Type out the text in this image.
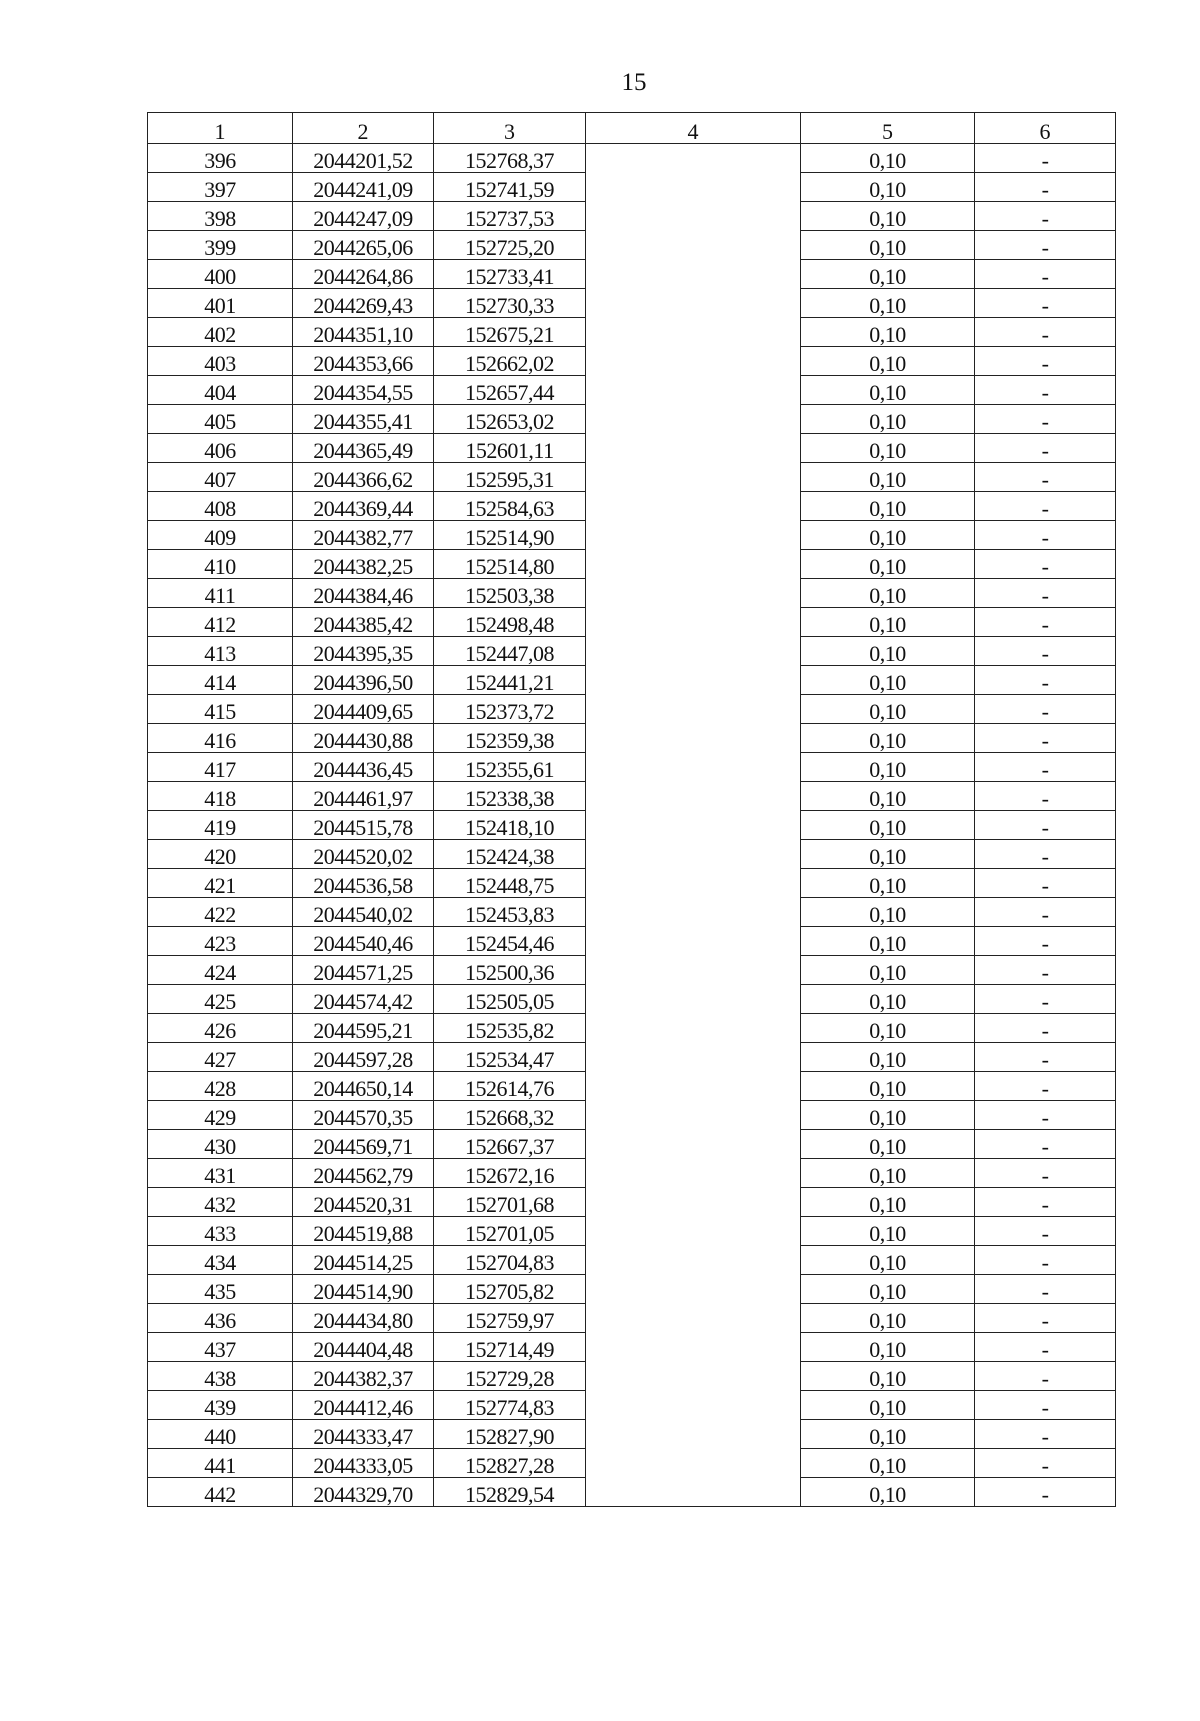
15
1	2	3	4	5	6
396	2044201,52	152768,37		0,10	-
397	2044241,09	152741,59		0,10	-
398	2044247,09	152737,53		0,10	-
399	2044265,06	152725,20		0,10	-
400	2044264,86	152733,41		0,10	-
401	2044269,43	152730,33		0,10	-
402	2044351,10	152675,21		0,10	-
403	2044353,66	152662,02		0,10	-
404	2044354,55	152657,44		0,10	-
405	2044355,41	152653,02		0,10	-
406	2044365,49	152601,11		0,10	-
407	2044366,62	152595,31		0,10	-
408	2044369,44	152584,63		0,10	-
409	2044382,77	152514,90		0,10	-
410	2044382,25	152514,80		0,10	-
411	2044384,46	152503,38		0,10	-
412	2044385,42	152498,48		0,10	-
413	2044395,35	152447,08		0,10	-
414	2044396,50	152441,21		0,10	-
415	2044409,65	152373,72		0,10	-
416	2044430,88	152359,38		0,10	-
417	2044436,45	152355,61		0,10	-
418	2044461,97	152338,38		0,10	-
419	2044515,78	152418,10		0,10	-
420	2044520,02	152424,38		0,10	-
421	2044536,58	152448,75		0,10	-
422	2044540,02	152453,83		0,10	-
423	2044540,46	152454,46		0,10	-
424	2044571,25	152500,36		0,10	-
425	2044574,42	152505,05		0,10	-
426	2044595,21	152535,82		0,10	-
427	2044597,28	152534,47		0,10	-
428	2044650,14	152614,76		0,10	-
429	2044570,35	152668,32		0,10	-
430	2044569,71	152667,37		0,10	-
431	2044562,79	152672,16		0,10	-
432	2044520,31	152701,68		0,10	-
433	2044519,88	152701,05		0,10	-
434	2044514,25	152704,83		0,10	-
435	2044514,90	152705,82		0,10	-
436	2044434,80	152759,97		0,10	-
437	2044404,48	152714,49		0,10	-
438	2044382,37	152729,28		0,10	-
439	2044412,46	152774,83		0,10	-
440	2044333,47	152827,90		0,10	-
441	2044333,05	152827,28		0,10	-
442	2044329,70	152829,54		0,10	-
